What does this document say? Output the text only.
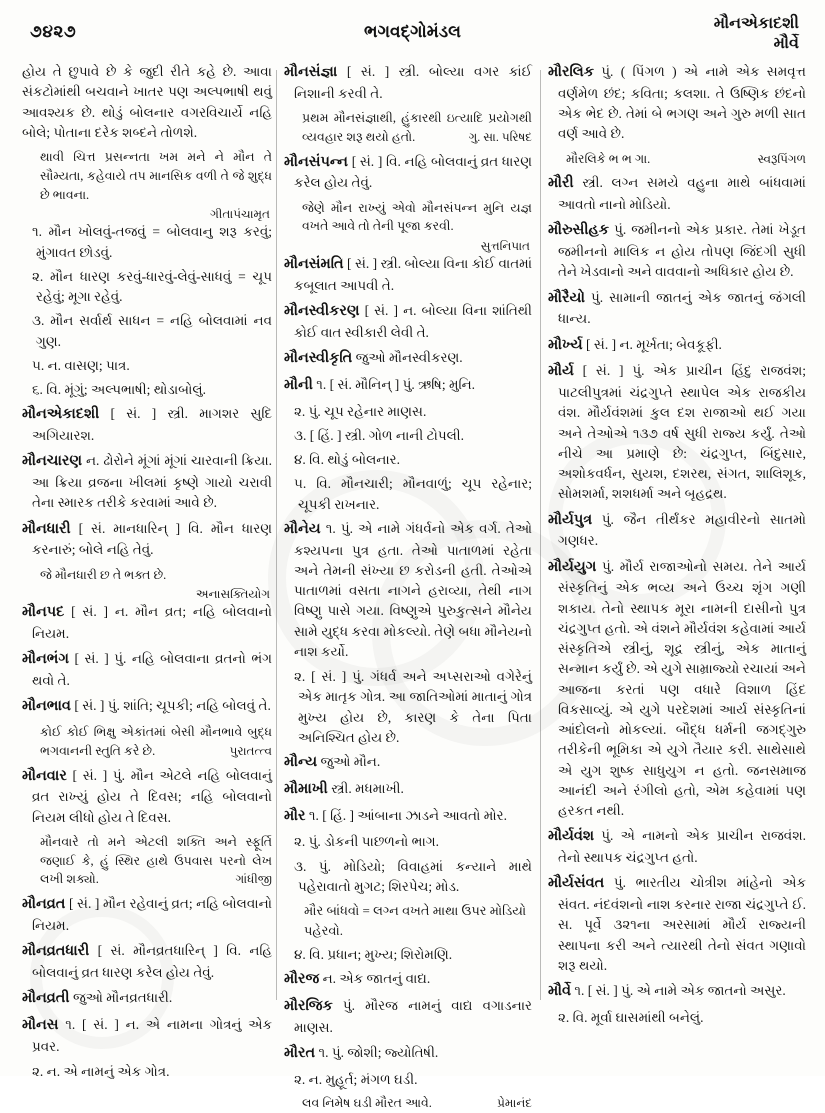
૭૪૨૭	ભગવદ્ગોમંડલ	મૌનએકાદશી
મૌર્વે

હોય તે છુપાવે છે કે જુદી રીતે કહે છે. આવા સંકટોમાંથી બચવાને ખાતર પણ અલ્પભાષી થવું આવશ્યક છે. થોડું બોલનાર વગરવિચાર્યે નહિ બોલે; પોતાના દરેક શબ્દને તોળશે.

થાવી ચિત્ત પ્રસન્નતા ખમ મને ને મૌન તે સૌમ્યતા, કહેવાયે તપ માનસિક વળી તે જે શુદ્ધ છે ભાવના.

ગીતાપંચામૃત

૧. મૌન ખોલવું-તજવું = બોલવાનુ શરૂ કરવું; મુંગાવત છોડવું.

૨. મૌન ધારણ કરવું-ધારવું-લેવું-સાધવું = ચૂપ રહેવું; મૂગા રહેવું.

૩. મૌન સર્વાર્થ સાધન = નહિ બોલવામાં નવ ગુણ.

૫. ન. વાસણ; પાત્ર.

૬. વિ. મૂંગું; અલ્પભાષી; થોડાબોલું.

મૌનએકાદશી [ સં. ] સ્ત્રી. માગશર સુદિ અગિયારશ.

મૌનચારણ ન. ઢોરોને મૂંગાં મૂંગાં ચારવાની ક્રિયા. આ ક્રિયા વ્રજના ખીલમાં કૃષ્ણે ગાયો ચરાવી તેના સ્મારક તરીકે કરવામાં આવે છે.

મૌનધારી [ સં. માનધારિન્ ] વિ. મૌન ધારણ કરનારું; બોલે નહિ તેવું.

જે મૌનધારી છ તે ભક્ત છે.

અનાસક્તિયોગ

મૌનપદ [ સં. ] ન. મૌન વ્રત; નહિ બોલવાનો નિયમ.

મૌનભંગ [ સં. ] પું. નહિ બોલવાના વ્રતનો ભંગ થવો તે.

મૌનભાવ [ સં. ] પું. શાંતિ; ચૂપકી; નહિ બોલવું તે.

કોઈ કોઈ ભિક્ષુ એકાંતમાં બેસી મૌનભાવે બુદ્ધ ભગવાનની સ્તુતિ કરે છે.	પુરાતત્ત્વ

મૌનવાર [ સં. ] પું. મૌન એટલે નહિ બોલવાનું વ્રત રાખ્યું હોય તે દિવસ; નહિ બોલવાનો નિયમ લીધો હોય તે દિવસ.

મૌનવારે તો મને એટલી શક્તિ અને સ્ફૂર્તિ જણાઈ કે, હું સ્થિર હાથે ઉપવાસ પરનો લેખ લખી શક્યો.	ગાંધીજી

મૌનવ્રત [ સં. ] મૌન રહેવાનું વ્રત; નહિ બોલવાનો નિયમ.

મૌનવ્રતધારી [ સં. મૌનવ્રતધારિન્ ] વિ. નહિ બોલવાનું વ્રત ધારણ કરેલ હોય તેવું.

મૌનવ્રતી જુઓ મૌનવ્રતધારી.

મૌનસ ૧. [ સં. ] ન. એ નામના ગોત્રનું એક પ્રવર.

૨. ન. એ નામનું એક ગોત્ર.

મૌનસંજ્ઞા [ સં. ] સ્ત્રી. બોલ્યા વગર કાંઈ નિશાની કરવી તે.

પ્રથમ મૌનસંજ્ઞાથી, હુંકારથી ઇત્યાદિ પ્રયોગથી વ્યવહાર શરૂ થયો હતો.	ગુ. સા. પરિષદ

મૌનસંપન્ન [ સં. ] વિ. નહિ બોલવાનું વ્રત ધારણ કરેલ હોય તેવું.

જેણે મૌન રાખ્યું એવો મૌનસંપન્ન મુનિ યજ્ઞ વખતે આવે તો તેની પૂજા કરવી.

સુત્તનિપાત

મૌનસંમતિ [ સં. ] સ્ત્રી. બોલ્યા વિના કોઈ વાતમાં કબૂલાત આપવી તે.

મૌનસ્વીકરણ [ સં. ] ન. બોલ્યા વિના શાંતિથી કોઈ વાત સ્વીકારી લેવી તે.

મૌનસ્વીકૃતિ જુઓ મૌનસ્વીકરણ.

મૌની ૧. [ સં. મૌનિન્ ] પું. ઋષિ; મુનિ.

૨. પું. ચૂપ રહેનાર માણસ.

૩. [ હિં. ] સ્ત્રી. ગોળ નાની ટોપલી.

૪. વિ. થોડું બોલનાર.

૫. વિ. મૌનચારી; મૌનવાળું; ચૂપ રહેનાર; ચૂપકી રાખનાર.

મૌનેય ૧. પું. એ નામે ગંધર્વનો એક વર્ગ. તેઓ કશ્યપના પુત્ર હતા. તેઓ પાતાળમાં રહેતા અને તેમની સંખ્યા છ કરોડની હતી. તેઓએ પાતાળમાં વસતા નાગને હરાવ્યા, તેથી નાગ વિષ્ણુ પાસે ગયા. વિષ્ણુએ પુરુકુત્સને મૌનેય સામે યુદ્ધ કરવા મોકલ્યો. તેણે બધા મૌનેયનો નાશ કર્યો.

૨. [ સં. ] પું. ગંધર્વ અને અપ્સરાઓ વગેરેનું એક માતૃક ગોત્ર. આ જાતિઓમાં માતાનું ગોત્ર મુખ્ય હોય છે, કારણ કે તેના પિતા અનિશ્ચિત હોય છે.

મૌન્ય જુઓ મૌન.

મૌમાખી સ્ત્રી. મધમાખી.

મૌર ૧. [ હિં. ] આંબાના ઝાડને આવતો મોર.

૨. પું. ડોકની પાછળનો ભાગ.

૩. પું. મોડિયો; વિવાહમાં કન્યાને માથે પહેરાવાતો મુગટ; શિરપેચ; મોડ.

મૌર બાંધવો = લગ્ન વખતે માથા ઉપર મોડિયો પહેરવો.

૪. વિ. પ્રધાન; મુખ્ય; શિરોમણિ.

મૌરજ ન. એક જાતનું વાદ્ય.

મૌરજિક પું. મૌરજ નામનું વાદ્ય વગાડનાર માણસ.

મૌરત ૧. પું. જોશી; જ્યોતિષી.

૨. ન. મુહૂર્ત; મંગળ ઘડી.

લવ નિમેષ ઘડી મૌરત આવે.	પ્રેમાનંદ

મૌરલિક પું. ( પિંગળ ) એ નામે એક સમવૃત્ત વર્ણમેળ છંદ; કવિતા; કલશા. તે ઉષ્ણિક છંદનો એક ભેદ છે. તેમાં બે ભગણ અને ગુરુ મળી સાત વર્ણ આવે છે.

મૌરલિકે ભ ભ ગા.	સ્વરૂપિંગળ

મૌરી સ્ત્રી. લગ્ન સમયે વહુના માથે બાંધવામાં આવતો નાનો મોડિયો.

મૌરુસીહક પું. જમીનનો એક પ્રકાર. તેમાં ખેડૂત જમીનનો માલિક ન હોય તોપણ જિંદગી સુધી તેને ખેડવાનો અને વાવવાનો અધિકાર હોય છે.

મૌરૈયો પું. સામાની જાતનું એક જાતનું જંગલી ધાન્ય.

મૌર્ખ્ય [ સં. ] ન. મૂર્ખતા; બેવકૂફી.

મૌર્ય [ સં. ] પું. એક પ્રાચીન હિંદુ રાજવંશ; પાટલીપુત્રમાં ચંદ્રગુપ્તે સ્થાપેલ એક રાજકીય વંશ. મૌર્યવંશમાં કુલ દશ રાજાઓ થઈ ગયા અને તેઓએ ૧૩૭ વર્ષ સુધી રાજ્ય કર્યું. તેઓ નીચે આ પ્રમાણે છે: ચંદ્રગુપ્ત, બિંદુસાર, અશોકવર્ધન, સુયશ, દશરથ, સંગત, શાલિશૂક, સોમશર્મા, શશધર્મા અને બૃહદ્રથ.

મૌર્યપુત્ર પું. જૈન તીર્થંકર મહાવીરનો સાતમો ગણધર.

મૌર્યયુગ પું. મૌર્ય રાજાઓનો સમય. તેને આર્ય સંસ્કૃતિનું એક ભવ્ય અને ઉચ્ચ શૃંગ ગણી શકાય. તેનો સ્થાપક મૂરા નામની દાસીનો પુત્ર ચંદ્રગુપ્ત હતો. એ વંશને મૌર્યવંશ કહેવામાં આર્ય સંસ્કૃતિએ સ્ત્રીનું, શૂદ્ર સ્ત્રીનું, એક માતાનું સન્માન કર્યું છે. એ યુગે સામ્રાજ્યો રચાયાં અને આજના કરતાં પણ વધારે વિશાળ હિંદ વિકસાવ્યું. એ યુગે પરદેશમાં આર્ય સંસ્કૃતિનાં આંદોલનો મોકલ્યાં. બૌદ્ધ ધર્મની જગદ્ગુરુ તરીકેની ભૂમિકા એ યુગે તૈયાર કરી. સાથેસાથે એ યુગ શુષ્ક સાધુયુગ ન હતો. જનસમાજ આનંદી અને રંગીલો હતો, એમ કહેવામાં પણ હરકત નથી.

મૌર્યવંશ પું. એ નામનો એક પ્રાચીન રાજવંશ. તેનો સ્થાપક ચંદ્રગુપ્ત હતો.

મૌર્યસંવત પું. ભારતીય ચોત્રીશ માંહેનો એક સંવત. નંદવંશનો નાશ કરનાર રાજા ચંદ્રગુપ્તે ઈ. સ. પૂર્વે ૩૨૧ના અરસામાં મૌર્ય રાજ્યની સ્થાપના કરી અને ત્યારથી તેનો સંવત ગણાવો શરૂ થયો.

મૌર્વે ૧. [ સં. ] પું. એ નામે એક જાતનો અસુર.

૨. વિ. મૂર્વા ઘાસમાંથી બનેલું.
